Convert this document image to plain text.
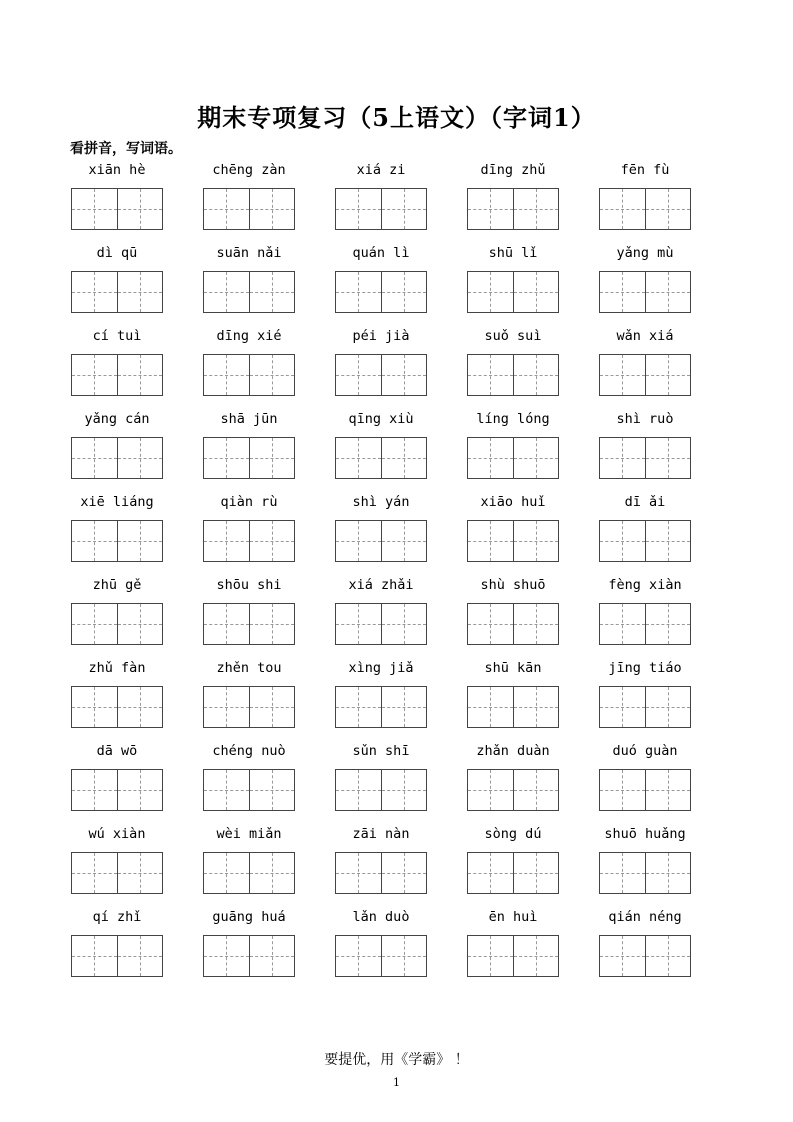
期末专项复习（5上语文）（字词1）
看拼音，写词语。
xiān hè	chēng zàn	xiá zi	dīng zhǔ	fēn fù
dì qū	suān nǎi	quán lì	shū lǐ	yǎng mù
cí tuì	dīng xié	péi jià	suǒ suì	wǎn xiá
yǎng cán	shā jūn	qīng xiù	líng lóng	shì ruò
xiē liáng	qiàn rù	shì yán	xiāo huǐ	dī ǎi
zhū gě	shōu shi	xiá zhǎi	shù shuō	fèng xiàn
zhǔ fàn	zhěn tou	xìng jiǎ	shū kān	jīng tiáo
dā wō	chéng nuò	sǔn shī	zhǎn duàn	duó guàn
wú xiàn	wèi miǎn	zāi nàn	sòng dú	shuō huǎng
qí zhǐ	guāng huá	lǎn duò	ēn huì	qián néng
要提优，用《学霸》 ！
1
